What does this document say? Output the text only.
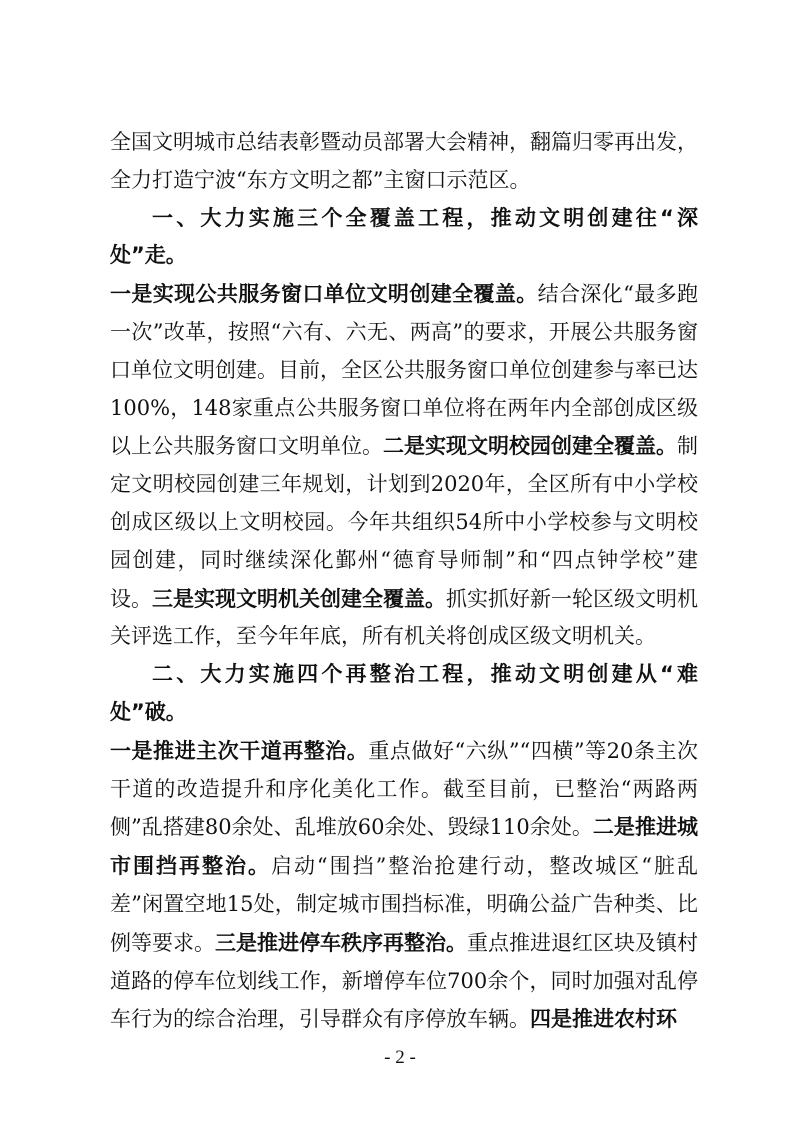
全国文明城市总结表彰暨动员部署大会精神，翻篇归零再出发，全力打造宁波“东方文明之都”主窗口示范区。

一、大力实施三个全覆盖工程，推动文明创建往“深处”走。

一是实现公共服务窗口单位文明创建全覆盖。结合深化“最多跑一次”改革，按照“六有、六无、两高”的要求，开展公共服务窗口单位文明创建。目前，全区公共服务窗口单位创建参与率已达100%，148家重点公共服务窗口单位将在两年内全部创成区级以上公共服务窗口文明单位。二是实现文明校园创建全覆盖。制定文明校园创建三年规划，计划到2020年，全区所有中小学校创成区级以上文明校园。今年共组织54所中小学校参与文明校园创建，同时继续深化鄞州“德育导师制”和“四点钟学校”建设。三是实现文明机关创建全覆盖。抓实抓好新一轮区级文明机关评选工作，至今年年底，所有机关将创成区级文明机关。

二、大力实施四个再整治工程，推动文明创建从“难处”破。

一是推进主次干道再整治。重点做好“六纵”“四横”等20条主次干道的改造提升和序化美化工作。截至目前，已整治“两路两侧”乱搭建80余处、乱堆放60余处、毁绿110余处。二是推进城市围挡再整治。启动“围挡”整治抢建行动，整改城区“脏乱差”闲置空地15处，制定城市围挡标准，明确公益广告种类、比例等要求。三是推进停车秩序再整治。重点推进退红区块及镇村道路的停车位划线工作，新增停车位700余个，同时加强对乱停车行为的综合治理，引导群众有序停放车辆。四是推进农村环

- 2 -
